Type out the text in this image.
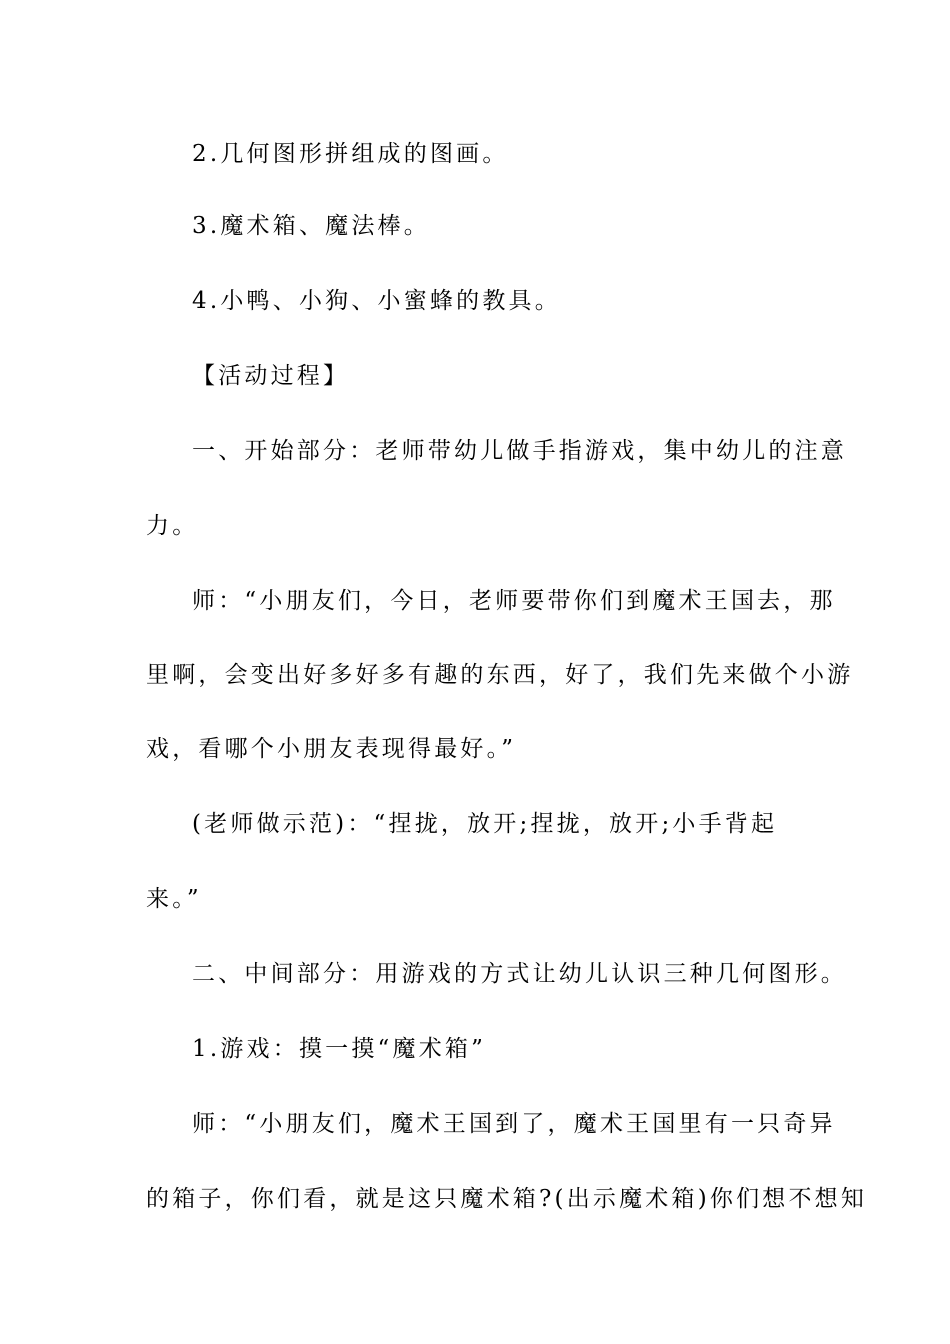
2.几何图形拼组成的图画。
3.魔术箱、魔法棒。
4.小鸭、小狗、小蜜蜂的教具。
【活动过程】
一、开始部分：老师带幼儿做手指游戏，集中幼儿的注意
力。
师：“小朋友们，今日，老师要带你们到魔术王国去，那
里啊，会变出好多好多有趣的东西，好了，我们先来做个小游
戏，看哪个小朋友表现得最好。”
(老师做示范)：“捏拢，放开;捏拢，放开;小手背起
来。”
二、中间部分：用游戏的方式让幼儿认识三种几何图形。
1.游戏：摸一摸“魔术箱”
师：“小朋友们，魔术王国到了，魔术王国里有一只奇异
的箱子，你们看，就是这只魔术箱?(出示魔术箱)你们想不想知
